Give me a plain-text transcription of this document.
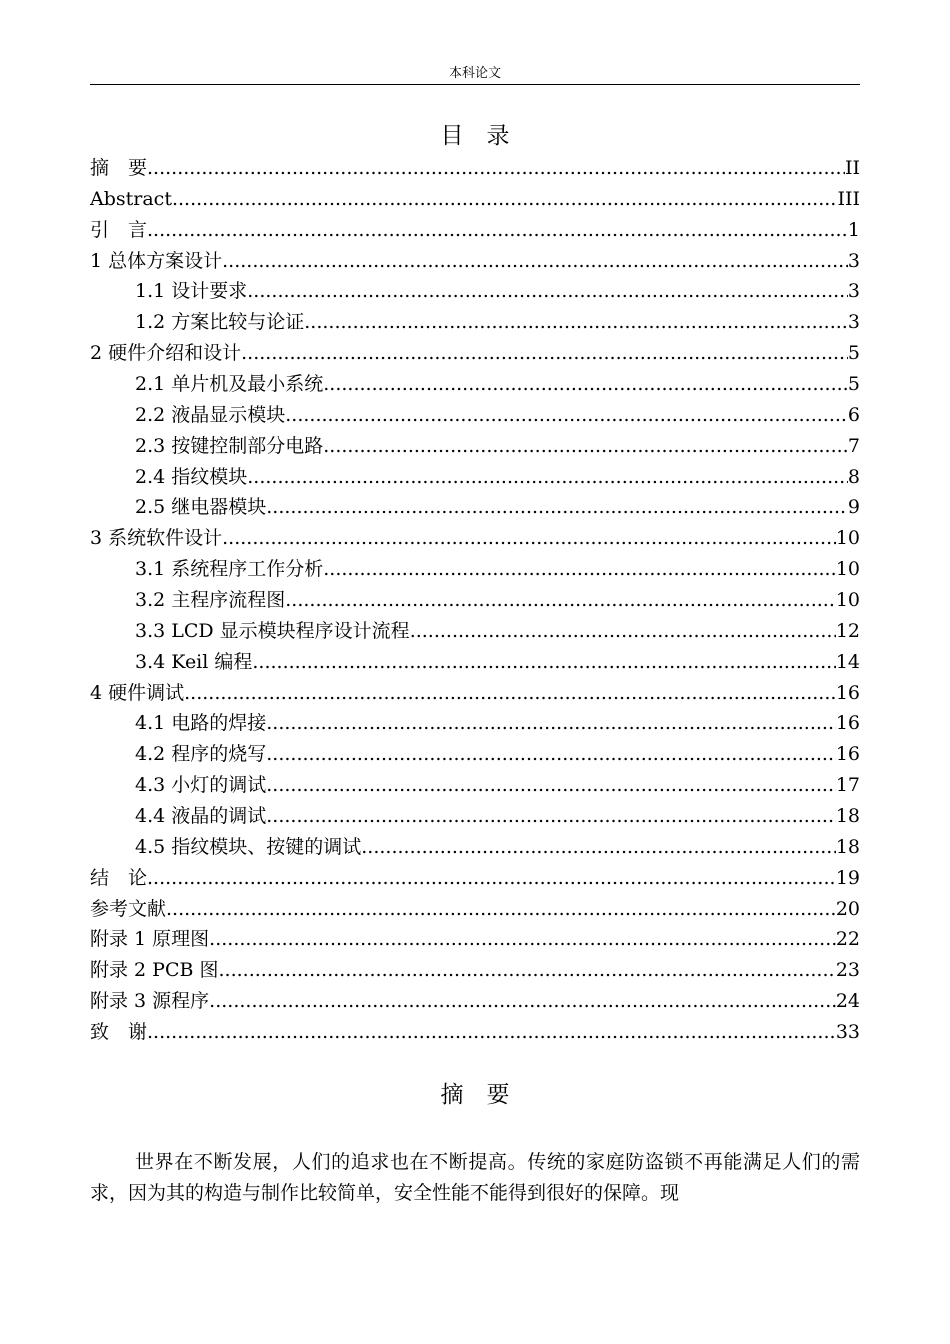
本科论文
目　录
摘　要 .....	II
Abstract .....	III
引　言 .....	1
1 总体方案设计 .....	3
1.1 设计要求 .....	3
1.2 方案比较与论证 .....	3
2 硬件介绍和设计 .....	5
2.1 单片机及最小系统 .....	5
2.2 液晶显示模块 .....	6
2.3 按键控制部分电路 .....	7
2.4 指纹模块 .....	8
2.5 继电器模块 .....	9
3 系统软件设计 .....	10
3.1 系统程序工作分析 .....	10
3.2 主程序流程图 .....	10
3.3 LCD 显示模块程序设计流程 .....	12
3.4 Keil 编程 .....	14
4 硬件调试 .....	16
4.1 电路的焊接 .....	16
4.2 程序的烧写 .....	16
4.3 小灯的调试 .....	17
4.4 液晶的调试 .....	18
4.5 指纹模块、按键的调试 .....	18
结　论 .....	19
参考文献 .....	20
附录 1 原理图 .....	22
附录 2 PCB 图 .....	23
附录 3 源程序 .....	24
致　谢 .....	33
摘　要

世界在不断发展，人们的追求也在不断提高。传统的家庭防盗锁不再能满足人们的需求，因为其的构造与制作比较简单，安全性能不能得到很好的保障。现
